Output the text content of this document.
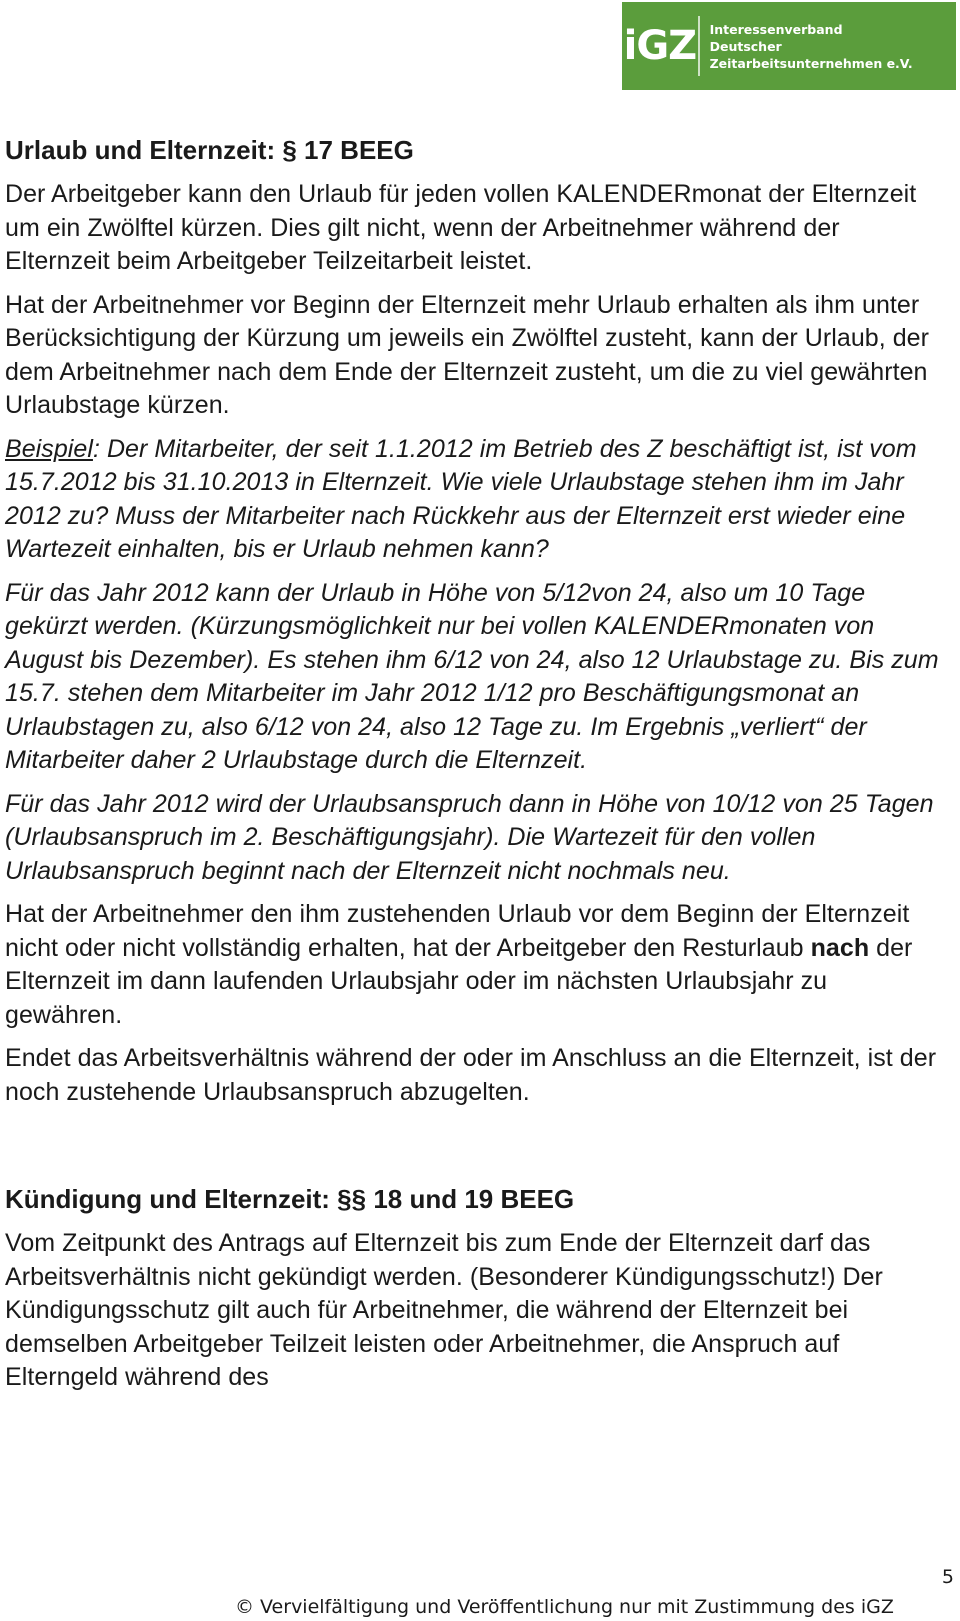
iGZ Interessenverband
Deutscher Zeitarbeitsunternehmen e.V.
Urlaub und Elternzeit: § 17 BEEG

Der Arbeitgeber kann den Urlaub für jeden vollen KALENDERmonat der Elternzeit um ein Zwölftel kürzen. Dies gilt nicht, wenn der Arbeitnehmer während der Elternzeit beim Arbeitgeber Teilzeitarbeit leistet.

Hat der Arbeitnehmer vor Beginn der Elternzeit mehr Urlaub erhalten als ihm unter Berücksichtigung der Kürzung um jeweils ein Zwölftel zusteht, kann der Urlaub, der dem Arbeitnehmer nach dem Ende der Elternzeit zusteht, um die zu viel gewährten Urlaubstage kürzen.

Beispiel: Der Mitarbeiter, der seit 1.1.2012 im Betrieb des Z beschäftigt ist, ist vom 15.7.2012 bis 31.10.2013 in Elternzeit. Wie viele Urlaubstage stehen ihm im Jahr 2012 zu? Muss der Mitarbeiter nach Rückkehr aus der Elternzeit erst wieder eine Wartezeit einhalten, bis er Urlaub nehmen kann?

Für das Jahr 2012 kann der Urlaub in Höhe von 5/12von 24, also um 10 Tage gekürzt werden. (Kürzungsmöglichkeit nur bei vollen KALENDERmonaten von August bis Dezember). Es stehen ihm 6/12 von 24, also 12 Urlaubstage zu. Bis zum 15.7. stehen dem Mitarbeiter im Jahr 2012 1/12 pro Beschäftigungsmonat an Urlaubstagen zu, also 6/12 von 24, also 12 Tage zu. Im Ergebnis „verliert“ der Mitarbeiter daher 2 Urlaubstage durch die Elternzeit.

Für das Jahr 2012 wird der Urlaubsanspruch dann in Höhe von 10/12 von 25 Tagen (Urlaubsanspruch im 2. Beschäftigungsjahr). Die Wartezeit für den vollen Urlaubsanspruch beginnt nach der Elternzeit nicht nochmals neu.

Hat der Arbeitnehmer den ihm zustehenden Urlaub vor dem Beginn der Elternzeit nicht oder nicht vollständig erhalten, hat der Arbeitgeber den Resturlaub nach der Elternzeit im dann laufenden Urlaubsjahr oder im nächsten Urlaubsjahr zu gewähren.

Endet das Arbeitsverhältnis während der oder im Anschluss an die Elternzeit, ist der noch zustehende Urlaubsanspruch abzugelten.

Kündigung und Elternzeit: §§ 18 und 19 BEEG

Vom Zeitpunkt des Antrags auf Elternzeit bis zum Ende der Elternzeit darf das Arbeitsverhältnis nicht gekündigt werden. (Besonderer Kündigungsschutz!) Der Kündigungsschutz gilt auch für Arbeitnehmer, die während der Elternzeit bei demselben Arbeitgeber Teilzeit leisten oder Arbeitnehmer, die Anspruch auf Elterngeld während des

5
© Vervielfältigung und Veröffentlichung nur mit Zustimmung des iGZ
